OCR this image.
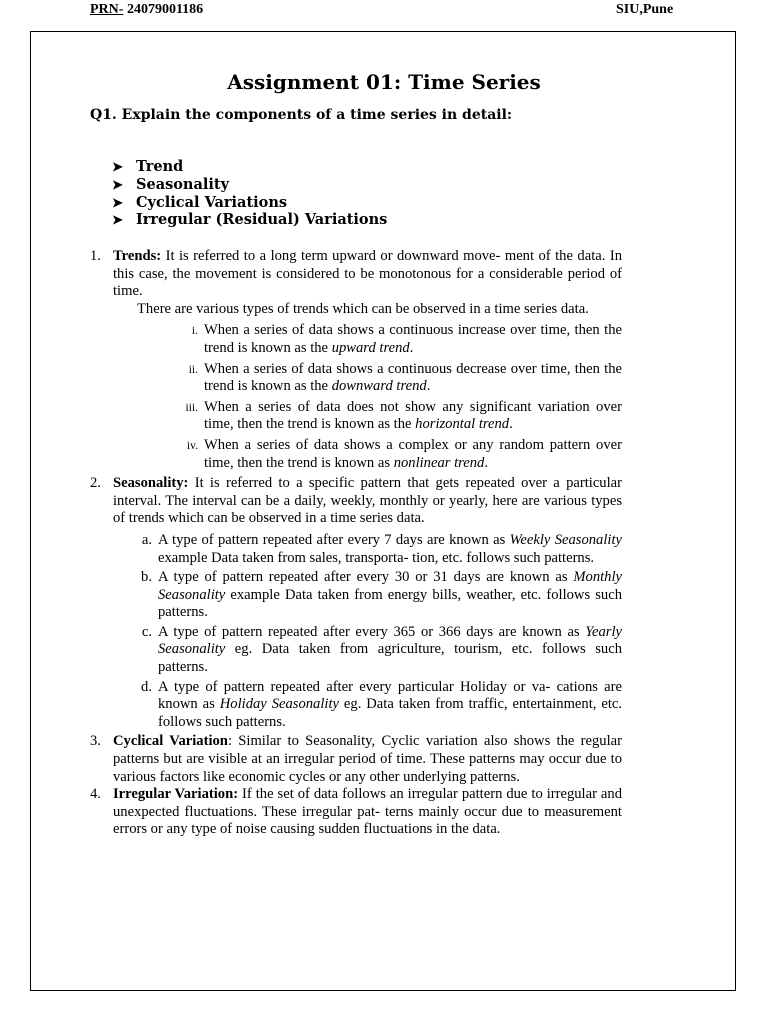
PRN- 24079001186	SIU,Pune
Assignment 01: Time Series
Q1. Explain the components of a time series in detail:
➤ Trend
➤ Seasonality
➤ Cyclical Variations
➤ Irregular (Residual) Variations
1. Trends: It is referred to a long term upward or downward move- ment of the data. In this case, the movement is considered to be monotonous for a considerable period of time.
There are various types of trends which can be observed in a time series data.
i. When a series of data shows a continuous increase over time, then the trend is known as the upward trend.
ii. When a series of data shows a continuous decrease over time, then the trend is known as the downward trend.
iii. When a series of data does not show any significant variation over time, then the trend is known as the horizontal trend.
iv. When a series of data shows a complex or any random pattern over time, then the trend is known as nonlinear trend.
2. Seasonality: It is referred to a specific pattern that gets repeated over a particular interval. The interval can be a daily, weekly, monthly or yearly, here are various types of trends which can be observed in a time series data.
a. A type of pattern repeated after every 7 days are known as Weekly Seasonality example Data taken from sales, transporta- tion, etc. follows such patterns.
b. A type of pattern repeated after every 30 or 31 days are known as Monthly Seasonality example Data taken from energy bills, weather, etc. follows such patterns.
c. A type of pattern repeated after every 365 or 366 days are known as Yearly Seasonality eg. Data taken from agriculture, tourism, etc. follows such patterns.
d. A type of pattern repeated after every particular Holiday or va- cations are known as Holiday Seasonality eg. Data taken from traffic, entertainment, etc. follows such patterns.
3. Cyclical Variation: Similar to Seasonality, Cyclic variation also shows the regular patterns but are visible at an irregular period of time. These patterns may occur due to various factors like economic cycles or any other underlying patterns.
4. Irregular Variation: If the set of data follows an irregular pattern due to irregular and unexpected fluctuations. These irregular pat- terns mainly occur due to measurement errors or any type of noise causing sudden fluctuations in the data.
